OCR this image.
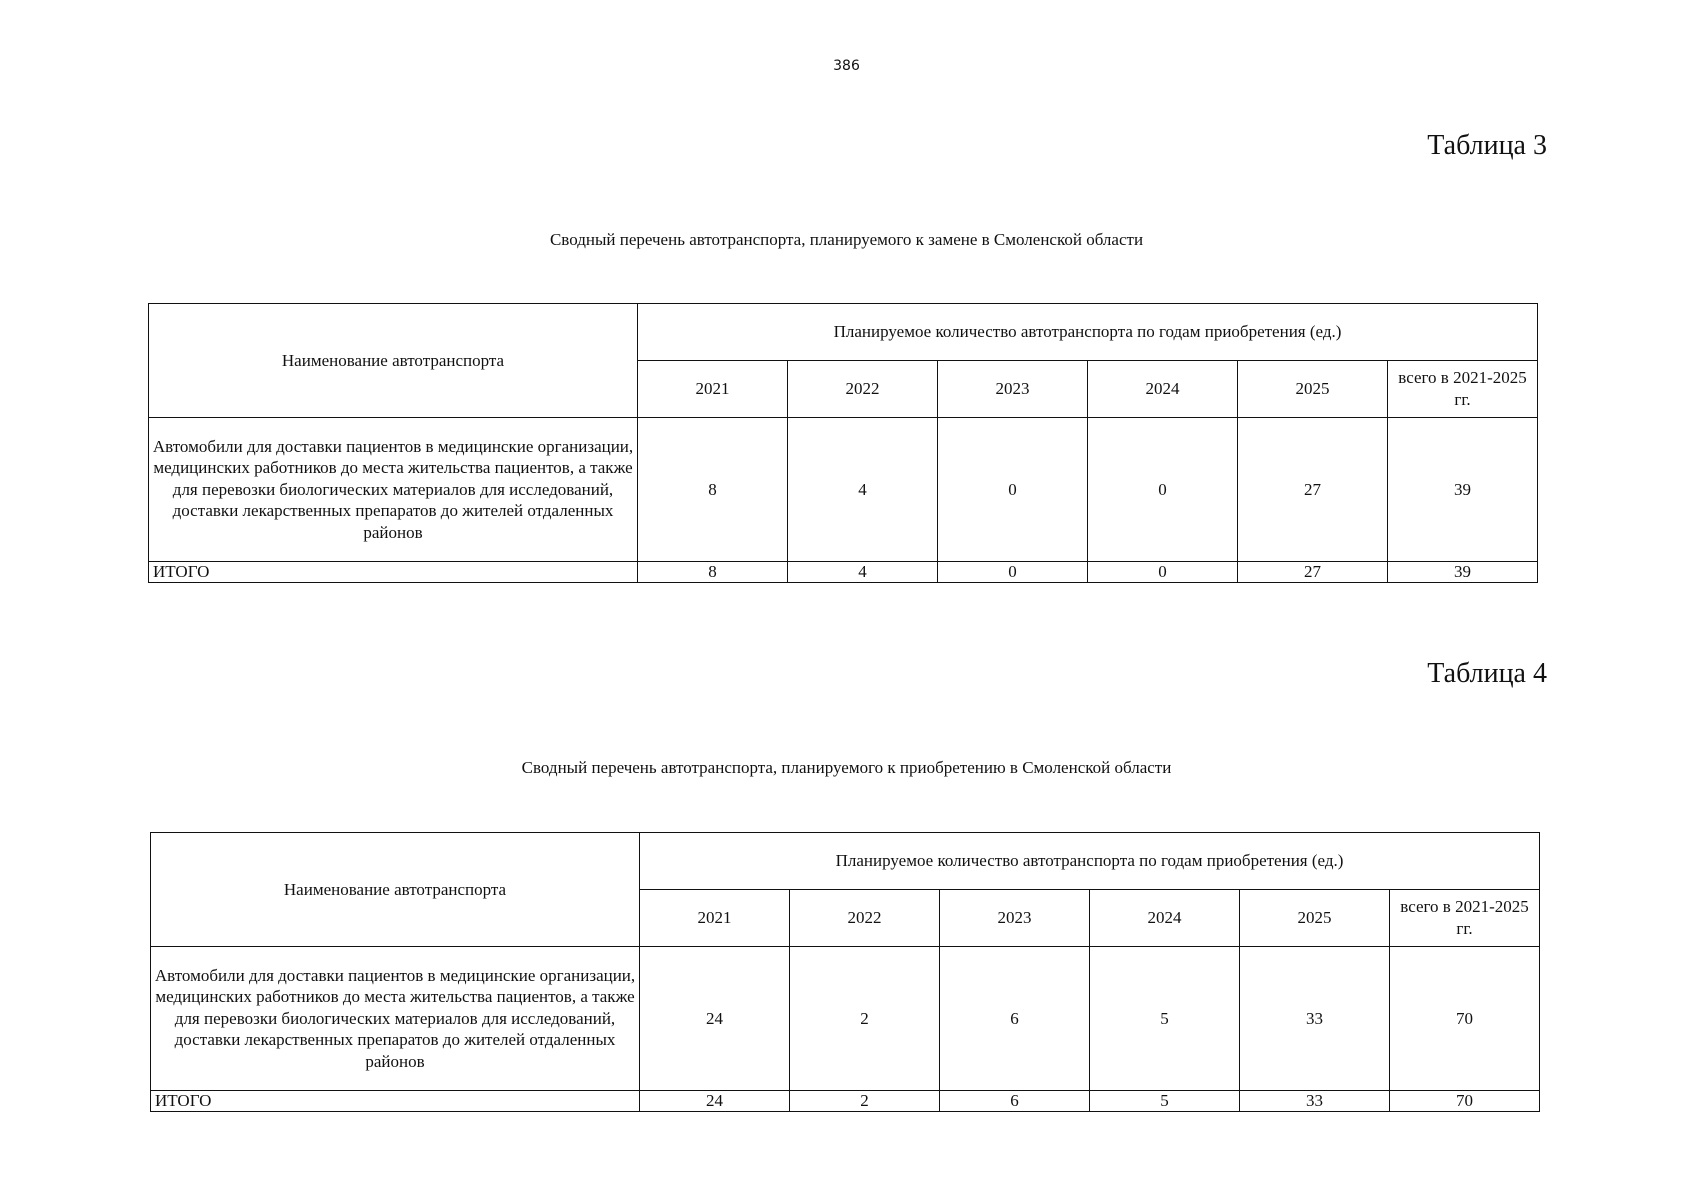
386
Таблица 3
Сводный перечень автотранспорта, планируемого к замене в Смоленской области
Наименование автотранспорта	Планируемое количество автотранспорта по годам приобретения (ед.)					
	2021	2022	2023	2024	2025	всего в 2021-2025 гг.
Автомобили для доставки пациентов в медицинские организации, медицинских работников до места жительства пациентов, а также для перевозки биологических материалов для исследований, доставки лекарственных препаратов до жителей отдаленных районов	8	4	0	0	27	39
ИТОГО	8	4	0	0	27	39
Таблица 4
Сводный перечень автотранспорта, планируемого к приобретению в Смоленской области
Наименование автотранспорта	Планируемое количество автотранспорта по годам приобретения (ед.)					
	2021	2022	2023	2024	2025	всего в 2021-2025 гг.
Автомобили для доставки пациентов в медицинские организации, медицинских работников до места жительства пациентов, а также для перевозки биологических материалов для исследований, доставки лекарственных препаратов до жителей отдаленных районов	24	2	6	5	33	70
ИТОГО	24	2	6	5	33	70
